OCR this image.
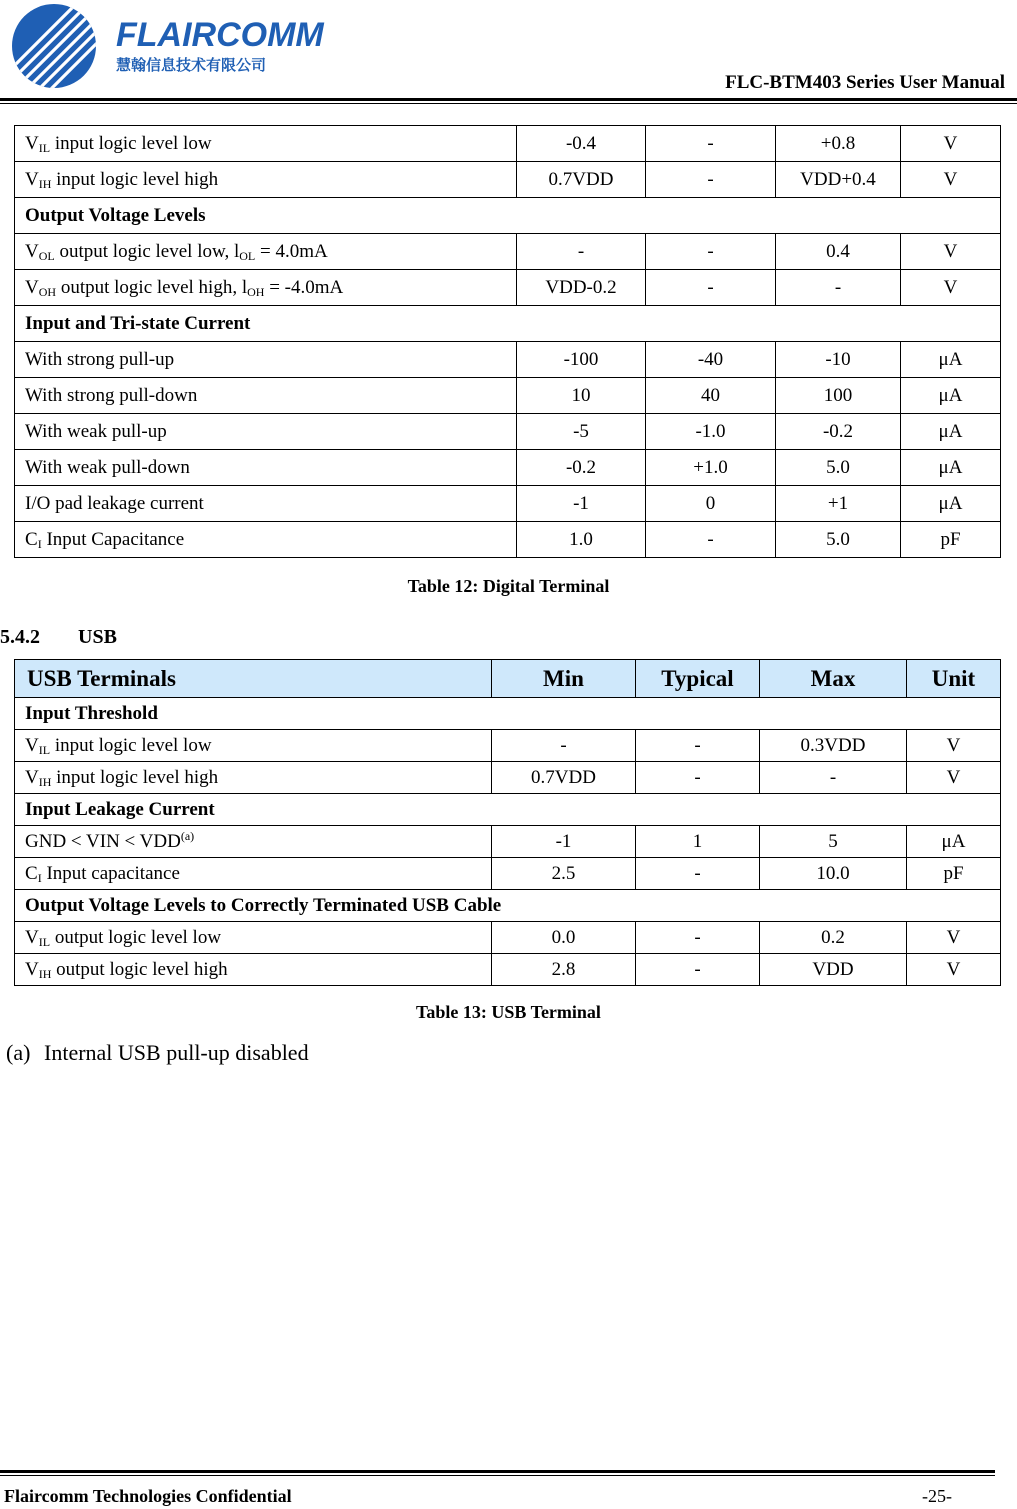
FLAIRCOMM
慧翰信息技术有限公司
FLC-BTM403 Series User Manual
$V_{IL}$ input logic level low	-0.4	-	+0.8	V
$V_{IH}$ input logic level high	0.7VDD	-	VDD+0.4	V
Output Voltage Levels				
$V_{OL}$ output logic level low, $l_{OL} = 4.0mA$	-	-	0.4	V
$V_{OH}$ output logic level high, $l_{OH} = -4.0mA$	VDD-0.2	-	-	V
Input and Tri-state Current				
With strong pull-up	-100	-40	-10	μA
With strong pull-down	10	40	100	μA
With weak pull-up	-5	-1.0	-0.2	μA
With weak pull-down	-0.2	+1.0	5.0	μA
I/O pad leakage current	-1	0	+1	μA
$C_I$ Input Capacitance	1.0	-	5.0	pF
Table 12: Digital Terminal
5.4.2 USB
USB Terminals	Min	Typical	Max	Unit
Input Threshold				
$V_{IL}$ input logic level low	-	-	0.3VDD	V
$V_{IH}$ input logic level high	0.7VDD	-	-	V
Input Leakage Current				
GND < VIN < $VDD^{(a)}$	-1	1	5	μA
$C_I$ Input capacitance	2.5	-	10.0	pF
Output Voltage Levels to Correctly Terminated USB Cable				
$V_{IL}$ output logic level low	0.0	-	0.2	V
$V_{IH}$ output logic level high	2.8	-	VDD	V
Table 13: USB Terminal
(a) Internal USB pull-up disabled
Flaircomm Technologies Confidential	-25-
